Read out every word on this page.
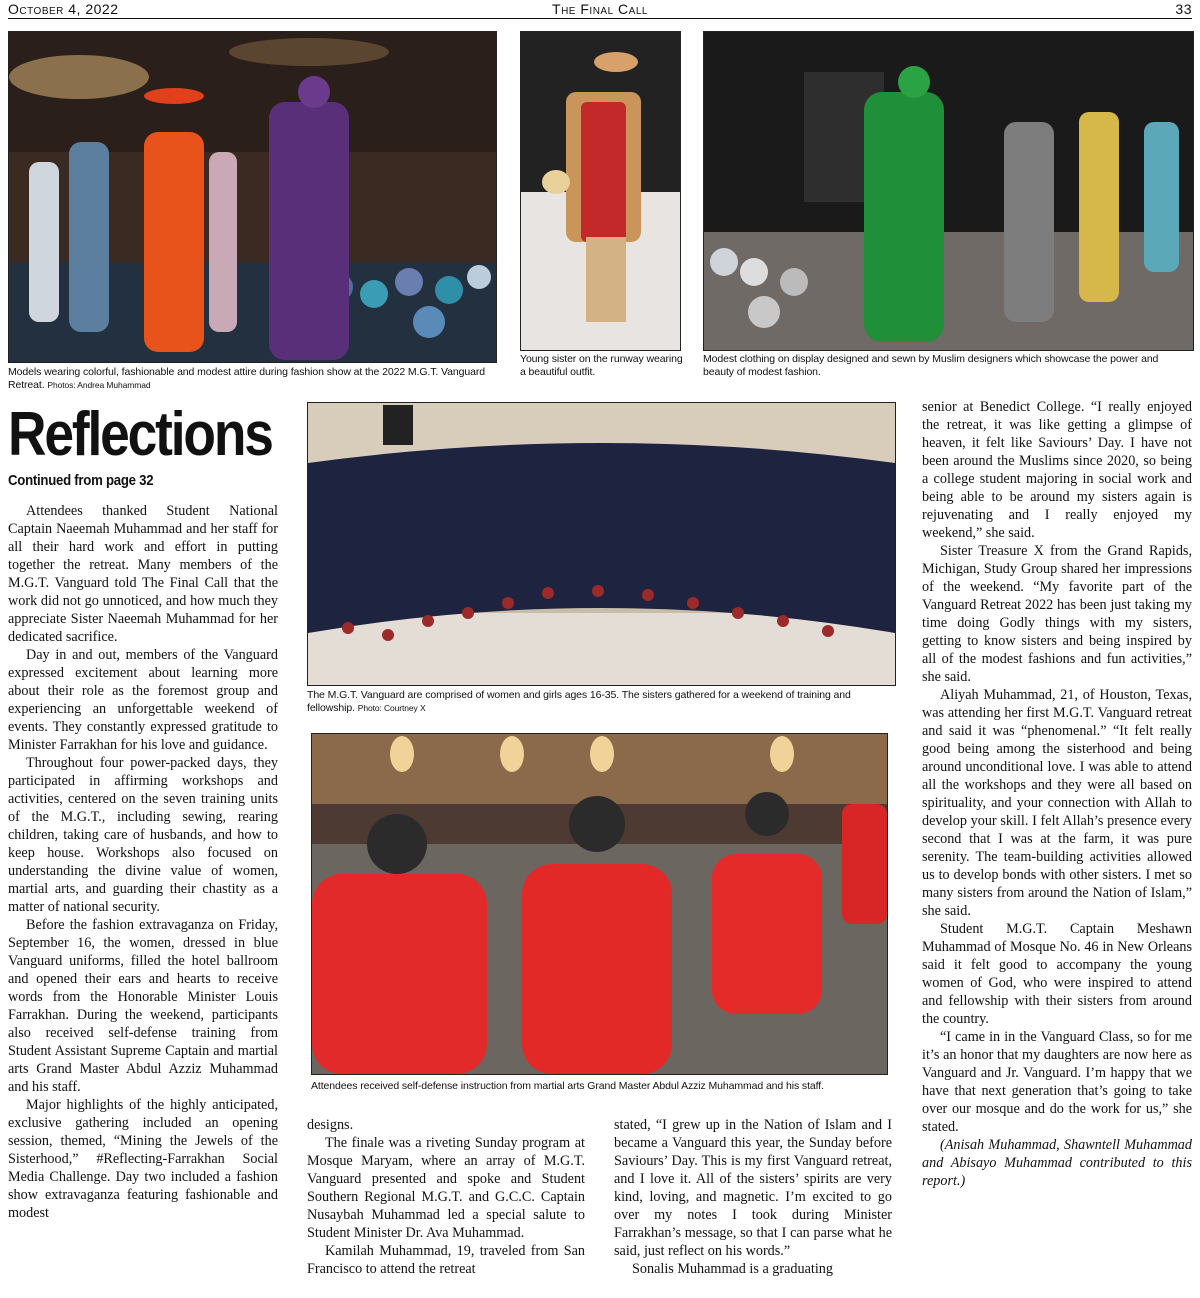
October 4, 2022	The Final Call	33
Models wearing colorful, fashionable and modest attire during fashion show at the 2022 M.G.T. Vanguard Retreat. Photos: Andrea Muhammad
Young sister on the runway wearing a beautiful outfit.
Modest clothing on display designed and sewn by Muslim designers which showcase the power and beauty of modest fashion.
Reflections
Continued from page 32

Attendees thanked Student National Captain Naeemah Muhammad and her staff for all their hard work and effort in putting together the retreat. Many members of the M.G.T. Vanguard told The Final Call that the work did not go unnoticed, and how much they appreciate Sister Naeemah Muhammad for her dedicated sacrifice.

Day in and out, members of the Vanguard expressed excitement about learning more about their role as the foremost group and experiencing an unforgettable weekend of events. They constantly expressed gratitude to Minister Farrakhan for his love and guidance.

Throughout four power-packed days, they participated in affirming workshops and activities, centered on the seven training units of the M.G.T., including sewing, rearing children, taking care of husbands, and how to keep house. Workshops also focused on understanding the divine value of women, martial arts, and guarding their chastity as a matter of national security.

Before the fashion extravaganza on Friday, September 16, the women, dressed in blue Vanguard uniforms, filled the hotel ballroom and opened their ears and hearts to receive words from the Honorable Minister Louis Farrakhan. During the weekend, participants also received self-defense training from Student Assistant Supreme Captain and martial arts Grand Master Abdul Azziz Muhammad and his staff.

Major highlights of the highly anticipated, exclusive gathering included an opening session, themed, “Mining the Jewels of the Sisterhood,” #Reflecting-Farrakhan Social Media Challenge. Day two included a fashion show extravaganza featuring fashionable and modest

The M.G.T. Vanguard are comprised of women and girls ages 16-35. The sisters gathered for a weekend of training and fellowship. Photo: Courtney X
Attendees received self-defense instruction from martial arts Grand Master Abdul Azziz Muhammad and his staff.

designs.

The finale was a riveting Sunday program at Mosque Maryam, where an array of M.G.T. Vanguard presented and spoke and Student Southern Regional M.G.T. and G.C.C. Captain Nusaybah Muhammad led a special salute to Student Minister Dr. Ava Muhammad.

Kamilah Muhammad, 19, traveled from San Francisco to attend the retreat

stated, “I grew up in the Nation of Islam and I became a Vanguard this year, the Sunday before Saviours’ Day. This is my first Vanguard retreat, and I love it. All of the sisters’ spirits are very kind, loving, and magnetic. I’m excited to go over my notes I took during Minister Farrakhan’s message, so that I can parse what he said, just reflect on his words.”

Sonalis Muhammad is a graduating

senior at Benedict College. “I really enjoyed the retreat, it was like getting a glimpse of heaven, it felt like Saviours’ Day. I have not been around the Muslims since 2020, so being a college student majoring in social work and being able to be around my sisters again is rejuvenating and I really enjoyed my weekend,” she said.

Sister Treasure X from the Grand Rapids, Michigan, Study Group shared her impressions of the weekend. “My favorite part of the Vanguard Retreat 2022 has been just taking my time doing Godly things with my sisters, getting to know sisters and being inspired by all of the modest fashions and fun activities,” she said.

Aliyah Muhammad, 21, of Houston, Texas, was attending her first M.G.T. Vanguard retreat and said it was “phenomenal.” “It felt really good being among the sisterhood and being around unconditional love. I was able to attend all the workshops and they were all based on spirituality, and your connection with Allah to develop your skill. I felt Allah’s presence every second that I was at the farm, it was pure serenity. The team-building activities allowed us to develop bonds with other sisters. I met so many sisters from around the Nation of Islam,” she said.

Student M.G.T. Captain Meshawn Muhammad of Mosque No. 46 in New Orleans said it felt good to accompany the young women of God, who were inspired to attend and fellowship with their sisters from around the country.

“I came in in the Vanguard Class, so for me it’s an honor that my daughters are now here as Vanguard and Jr. Vanguard. I’m happy that we have that next generation that’s going to take over our mosque and do the work for us,” she stated.

(Anisah Muhammad, Shawntell Muhammad and Abisayo Muhammad contributed to this report.)
